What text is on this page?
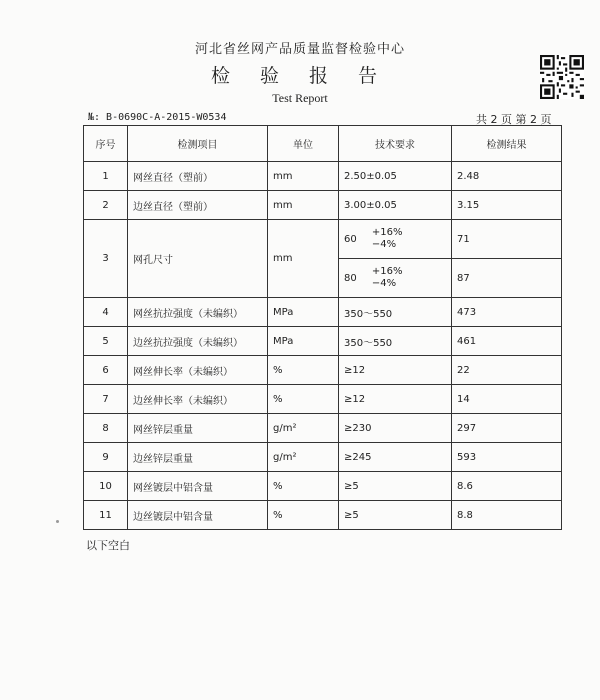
河北省丝网产品质量监督检验中心
检 验 报 告
Test Report
№: B-0690C-A-2015-W0534	共 2 页 第 2 页
序号	检测项目	单位	技术要求	检测结果
1	网丝直径（塑前）	mm	2.50±0.05	2.48
2	边丝直径（塑前）	mm	3.00±0.05	3.15
3	网孔尺寸	mm	60
+16%
−4%	71
			80
+16%
−4%	87
4	网丝抗拉强度（未编织）	MPa	350～550	473
5	边丝抗拉强度（未编织）	MPa	350～550	461
6	网丝伸长率（未编织）	%	≥12	22
7	边丝伸长率（未编织）	%	≥12	14
8	网丝锌层重量	g/m²	≥230	297
9	边丝锌层重量	g/m²	≥245	593
10	网丝镀层中铝含量	%	≥5	8.6
11	边丝镀层中铝含量	%	≥5	8.8
以下空白
